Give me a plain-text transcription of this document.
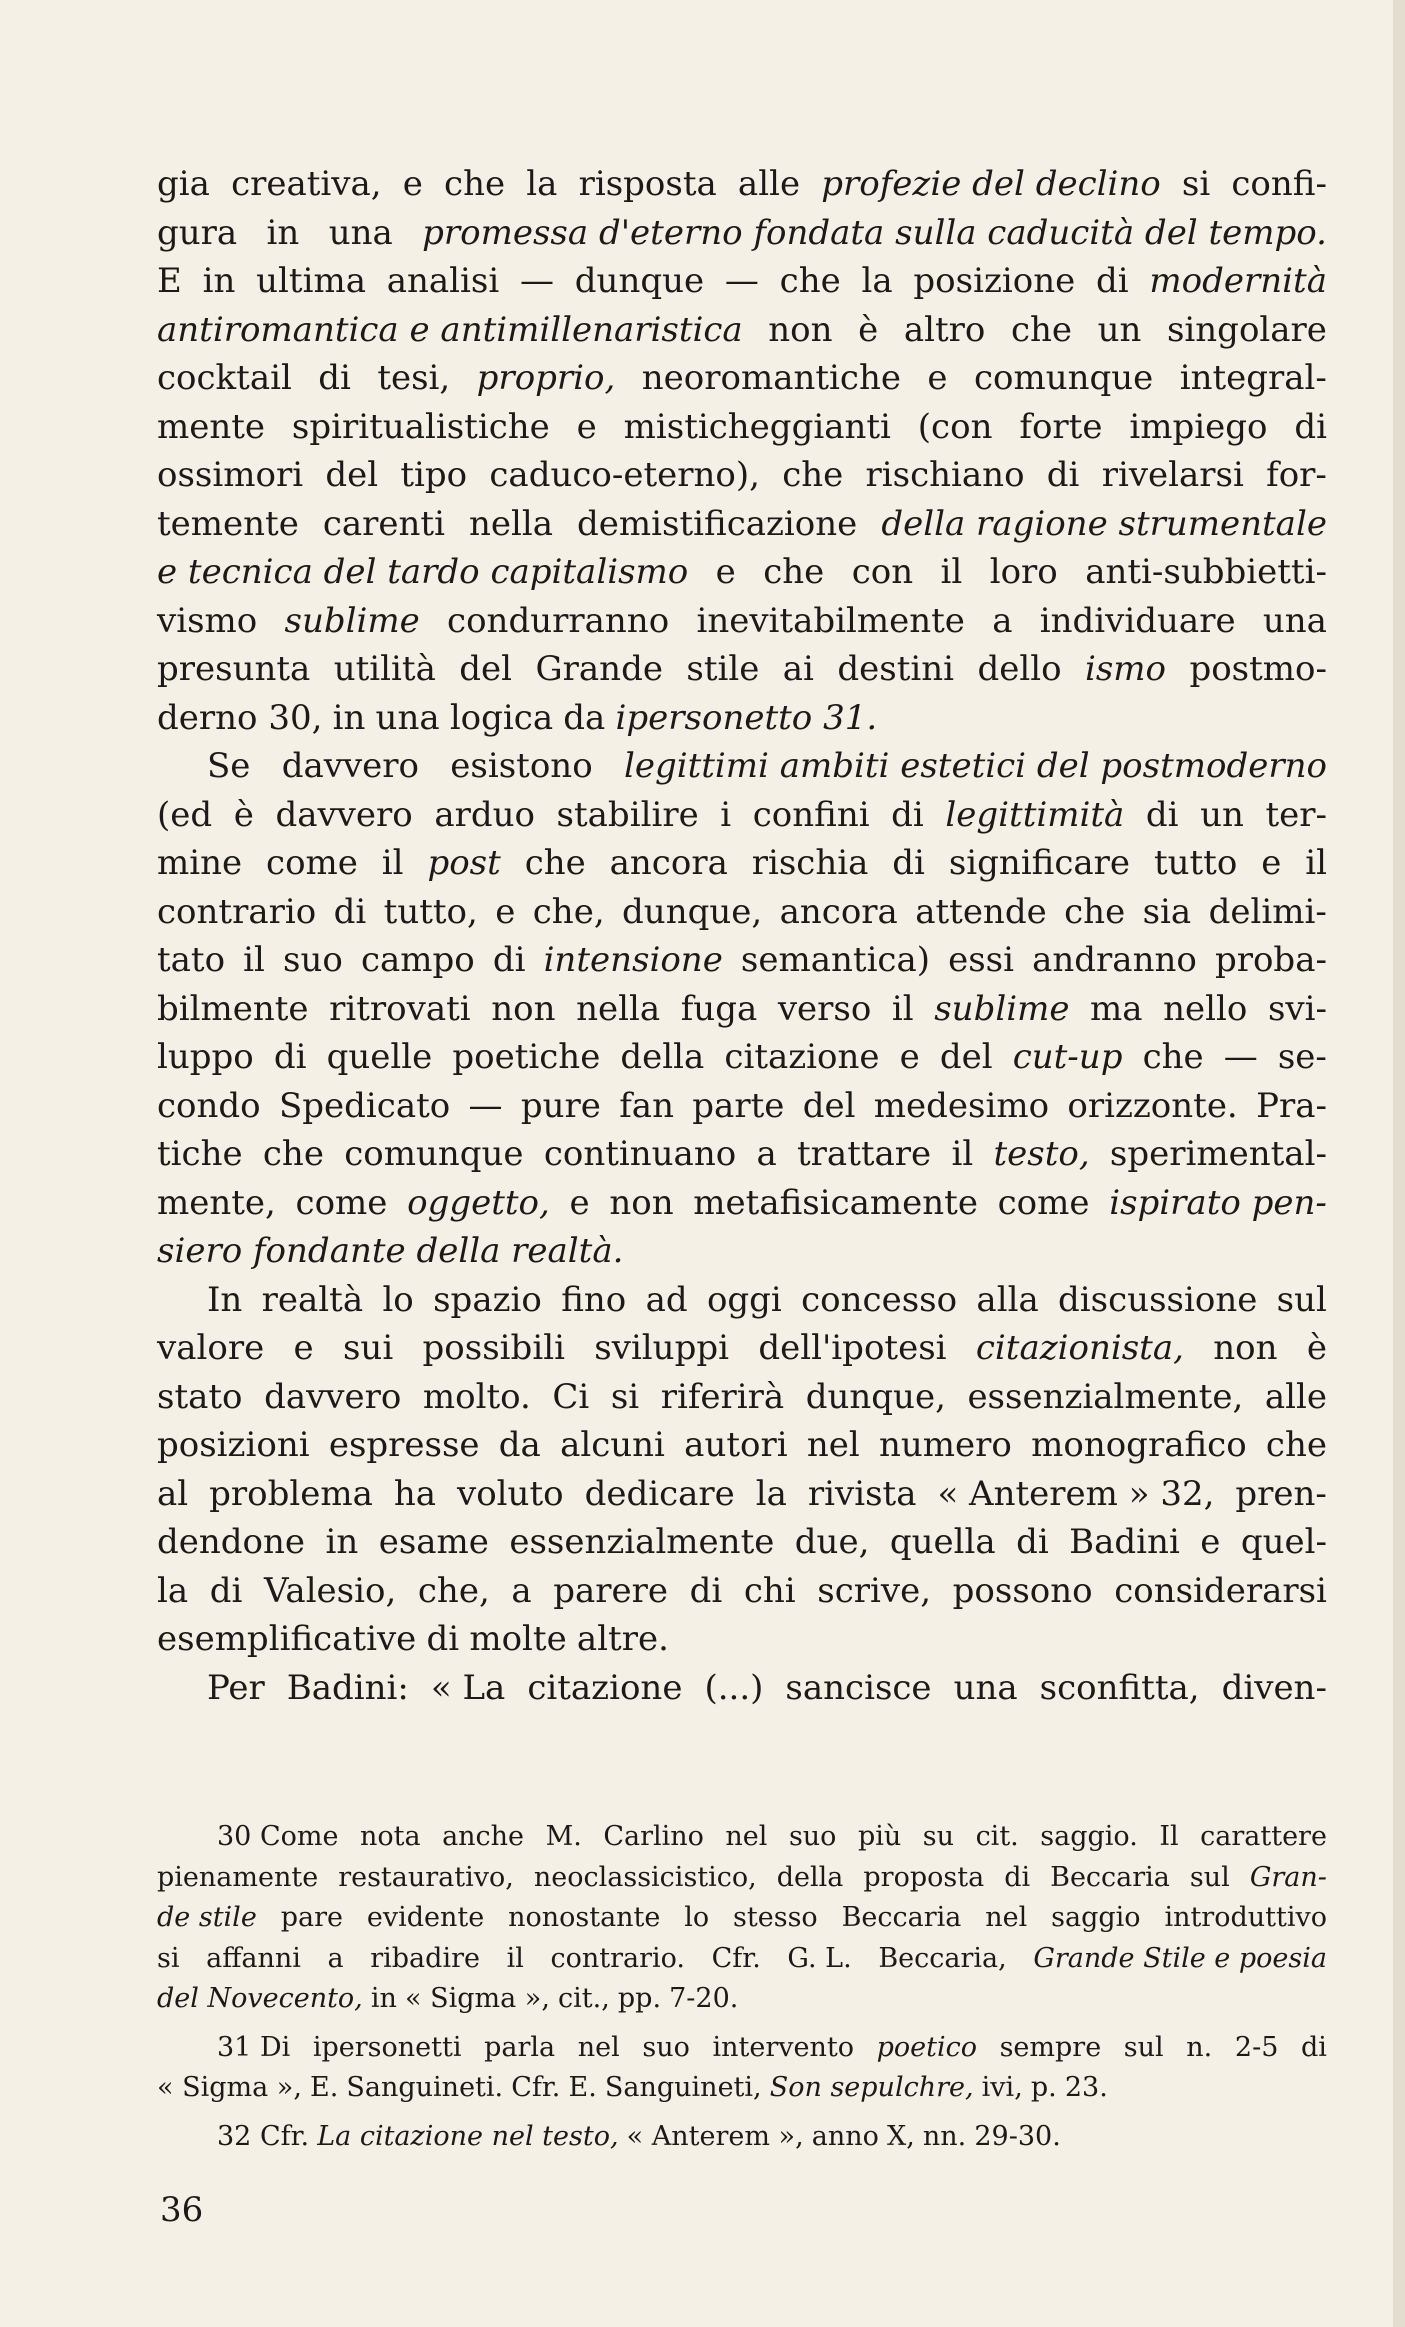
gia creativa, e che la risposta alle profezie del declino si confi-
gura in una promessa d'eterno fondata sulla caducità del tempo.
E in ultima analisi — dunque — che la posizione di modernità
antiromantica e antimillenaristica non è altro che un singolare
cocktail di tesi, proprio, neoromantiche e comunque integral-
mente spiritualistiche e misticheggianti (con forte impiego di
ossimori del tipo caduco-eterno), che rischiano di rivelarsi for-
temente carenti nella demistificazione della ragione strumentale
e tecnica del tardo capitalismo e che con il loro anti-subbietti-
vismo sublime condurranno inevitabilmente a individuare una
presunta utilità del Grande stile ai destini dello ismo postmo-
derno 30, in una logica da ipersonetto 31.
Se davvero esistono legittimi ambiti estetici del postmoderno
(ed è davvero arduo stabilire i confini di legittimità di un ter-
mine come il post che ancora rischia di significare tutto e il
contrario di tutto, e che, dunque, ancora attende che sia delimi-
tato il suo campo di intensione semantica) essi andranno proba-
bilmente ritrovati non nella fuga verso il sublime ma nello svi-
luppo di quelle poetiche della citazione e del cut-up che — se-
condo Spedicato — pure fan parte del medesimo orizzonte. Pra-
tiche che comunque continuano a trattare il testo, sperimental-
mente, come oggetto, e non metafisicamente come ispirato pen-
siero fondante della realtà.
In realtà lo spazio fino ad oggi concesso alla discussione sul
valore e sui possibili sviluppi dell'ipotesi citazionista, non è
stato davvero molto. Ci si riferirà dunque, essenzialmente, alle
posizioni espresse da alcuni autori nel numero monografico che
al problema ha voluto dedicare la rivista « Anterem » 32, pren-
dendone in esame essenzialmente due, quella di Badini e quel-
la di Valesio, che, a parere di chi scrive, possono considerarsi
esemplificative di molte altre.
Per Badini: « La citazione (...) sancisce una sconfitta, diven-
30 Come nota anche M. Carlino nel suo più su cit. saggio. Il carattere
pienamente restaurativo, neoclassicistico, della proposta di Beccaria sul Gran-
de stile pare evidente nonostante lo stesso Beccaria nel saggio introduttivo
si affanni a ribadire il contrario. Cfr. G. L. Beccaria, Grande Stile e poesia
del Novecento, in « Sigma », cit., pp. 7-20.
31 Di ipersonetti parla nel suo intervento poetico sempre sul n. 2-5 di
« Sigma », E. Sanguineti. Cfr. E. Sanguineti, Son sepulchre, ivi, p. 23.
32 Cfr. La citazione nel testo, « Anterem », anno X, nn. 29-30.
36
